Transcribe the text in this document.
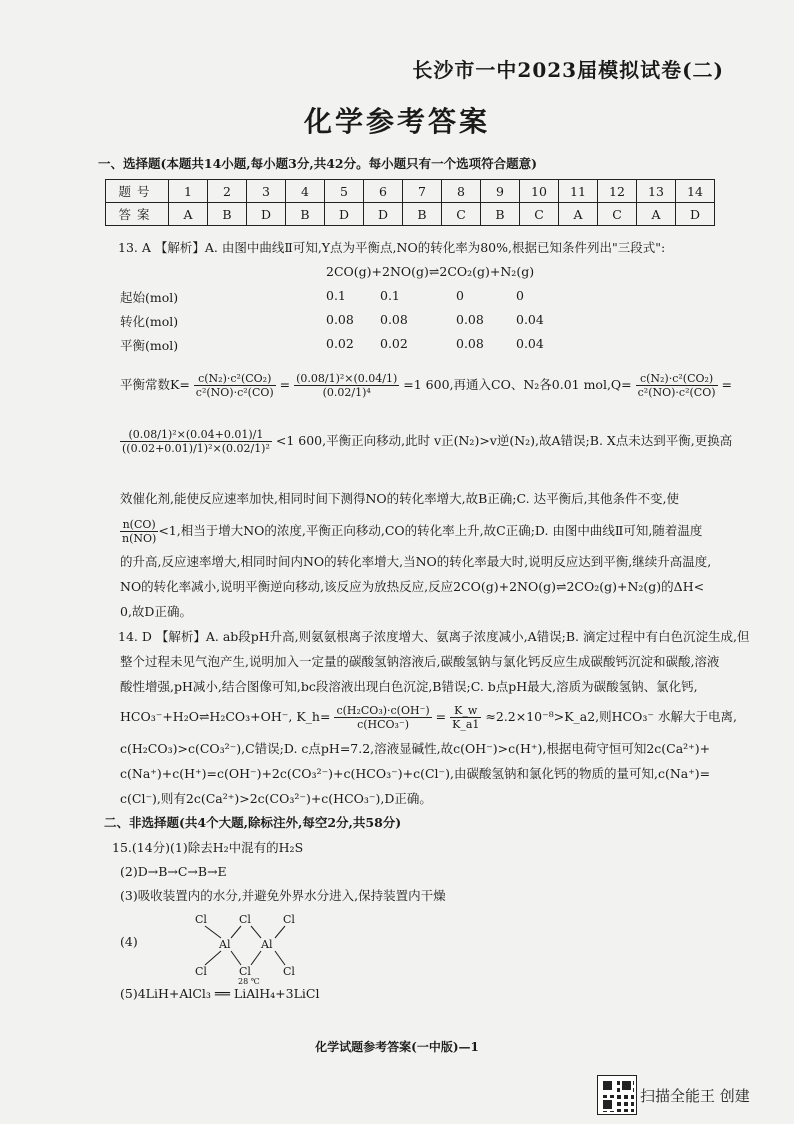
长沙市一中2023届模拟试卷(二)
化学参考答案
一、选择题(本题共14小题,每小题3分,共42分。每小题只有一个选项符合题意)
题号	1	2	3	4	5	6	7	8	9	10	11	12	13	14
答案	A	B	D	B	D	D	B	C	B	C	A	C	A	D
13. A 【解析】A. 由图中曲线Ⅱ可知,Y点为平衡点,NO的转化率为80%,根据已知条件列出"三段式":
2CO(g)+2NO(g)⇌2CO₂(g)+N₂(g)
起始(mol)	0.1	0.1	0	0
转化(mol)	0.08 0.08	0.08	0.04
平衡(mol)	0.02 0.02	0.08	0.04
平衡常数$K= \frac{\text{c(N₂)·c²(CO₂)}}{\text{c²(NO)·c²(CO)}} = \frac{\text{(0.08/1)²×(0.04/1)}}{\text{(0.02/1)⁴}} =1$ 600,再通入CO、N₂各0.01 $mol,Q= \frac{\text{c(N₂)·c²(CO₂)}}{\text{c²(NO)·c²(CO)}}$ =
$\frac{\text{(0.08/1)²×(0.04+0.01)/1}}{\text{((0.02+0.01)/1)²×(0.02/1)²}} <1$ 600,平衡正向移动,此时 v正(N₂)>v逆(N₂),故A错误;B. X点未达到平衡,更换高
效催化剂,能使反应速率加快,相同时间下测得NO的转化率增大,故B正确;C. 达平衡后,其他条件不变,使
$\frac{n(CO)}{n(NO)} <1$,相当于增大NO的浓度,平衡正向移动,CO的转化率上升,故C正确;D. 由图中曲线Ⅱ可知,随着温度
的升高,反应速率增大,相同时间内NO的转化率增大,当NO的转化率最大时,说明反应达到平衡,继续升高温度,
NO的转化率减小,说明平衡逆向移动,该反应为放热反应,反应2CO(g)+2NO(g)⇌2CO₂(g)+N₂(g)的ΔH<
0,故D正确。
14. D 【解析】A. ab段pH升高,则氨氨根离子浓度增大、氨离子浓度减小,A错误;B. 滴定过程中有白色沉淀生成,但
整个过程未见气泡产生,说明加入一定量的碳酸氢钠溶液后,碳酸氢钠与氯化钙反应生成碳酸钙沉淀和碳酸,溶液
酸性增强,pH减小,结合图像可知,bc段溶液出现白色沉淀,B错误;C. b点pH最大,溶质为碳酸氢钠、氯化钙,
HCO₃⁻+H₂O⇌H₂CO₃+OH⁻, K_h= $\frac{\text{c(H₂CO₃)·c(OH⁻)}}{\text{c(HCO₃⁻)}} = \frac{K\_w}{K\_a1}$ ≈2.2×10⁻⁸>K_a2,则HCO₃⁻ 水解大于电离,
c(H₂CO₃)>c(CO₃²⁻),C错误;D. c点pH=7.2,溶液显碱性,故c(OH⁻)>c(H⁺),根据电荷守恒可知2c(Ca²⁺)+
c(Na⁺)+c(H⁺)=c(OH⁻)+2c(CO₃²⁻)+c(HCO₃⁻)+c(Cl⁻),由碳酸氢钠和氯化钙的物质的量可知,c(Na⁺)=
c(Cl⁻),则有2c(Ca²⁺)>2c(CO₃²⁻)+c(HCO₃⁻),D正确。
二、非选择题(共4个大题,除标注外,每空2分,共58分)
15.(14分)(1)除去H₂中混有的H₂S
(2)D→B→C→B→E
(3)吸收装置内的水分,并避免外界水分进入,保持装置内干燥
(4)
Cl	Cl	Cl
Al	Al
Cl	Cl	Cl
(5)4LiH+AlCl₃ ══ LiAlH₄+3LiCl
28 ℃
化学试题参考答案(一中版)—1
扫描全能王 创建
